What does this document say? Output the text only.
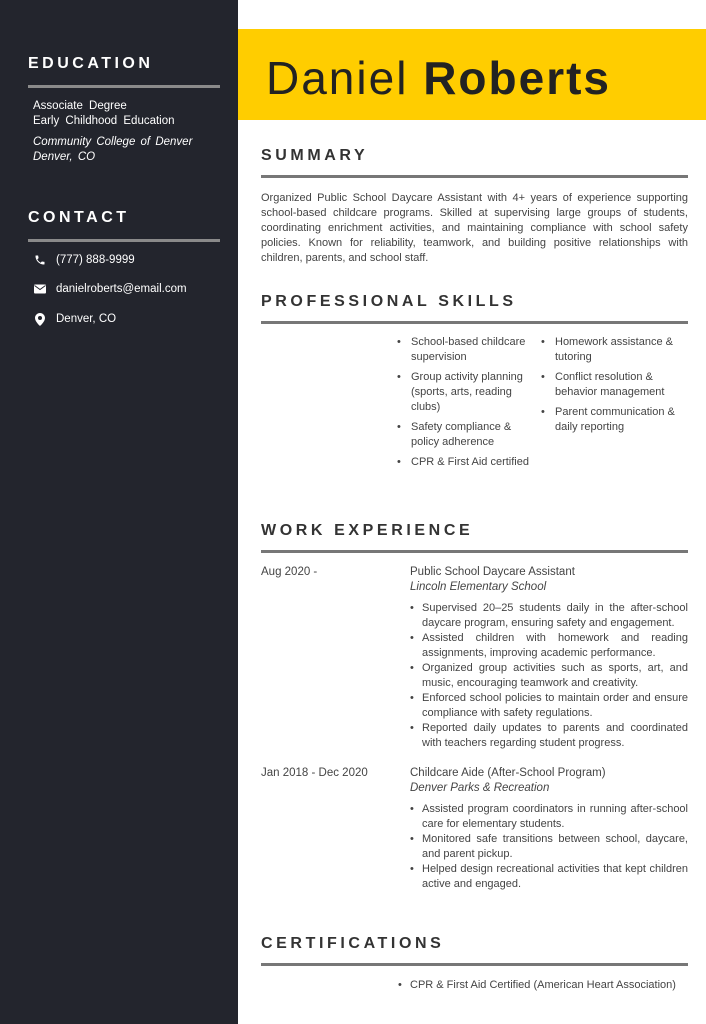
EDUCATION
Associate Degree
Early Childhood Education
Community College of Denver
Denver, CO
CONTACT
(777) 888-9999
danielroberts@email.com
Denver, CO
Daniel Roberts
SUMMARY
Organized Public School Daycare Assistant with 4+ years of experience supporting school-based childcare programs. Skilled at supervising large groups of students, coordinating enrichment activities, and maintaining compliance with school safety policies. Known for reliability, teamwork, and building positive relationships with children, parents, and school staff.
PROFESSIONAL SKILLS
• School-based childcare supervision
• Group activity planning (sports, arts, reading clubs)
• Safety compliance & policy adherence
• CPR & First Aid certified
• Homework assistance & tutoring
• Conflict resolution & behavior management
• Parent communication & daily reporting
WORK EXPERIENCE
Aug 2020 -	Public School Daycare Assistant
Lincoln Elementary School
• Supervised 20–25 students daily in the after-school daycare program, ensuring safety and engagement.
• Assisted children with homework and reading assignments, improving academic performance.
• Organized group activities such as sports, art, and music, encouraging teamwork and creativity.
• Enforced school policies to maintain order and ensure compliance with safety regulations.
• Reported daily updates to parents and coordinated with teachers regarding student progress.
Jan 2018 - Dec 2020	Childcare Aide (After-School Program)
Denver Parks & Recreation
• Assisted program coordinators in running after-school care for elementary students.
• Monitored safe transitions between school, daycare, and parent pickup.
• Helped design recreational activities that kept children active and engaged.
CERTIFICATIONS
• CPR & First Aid Certified (American Heart Association)
